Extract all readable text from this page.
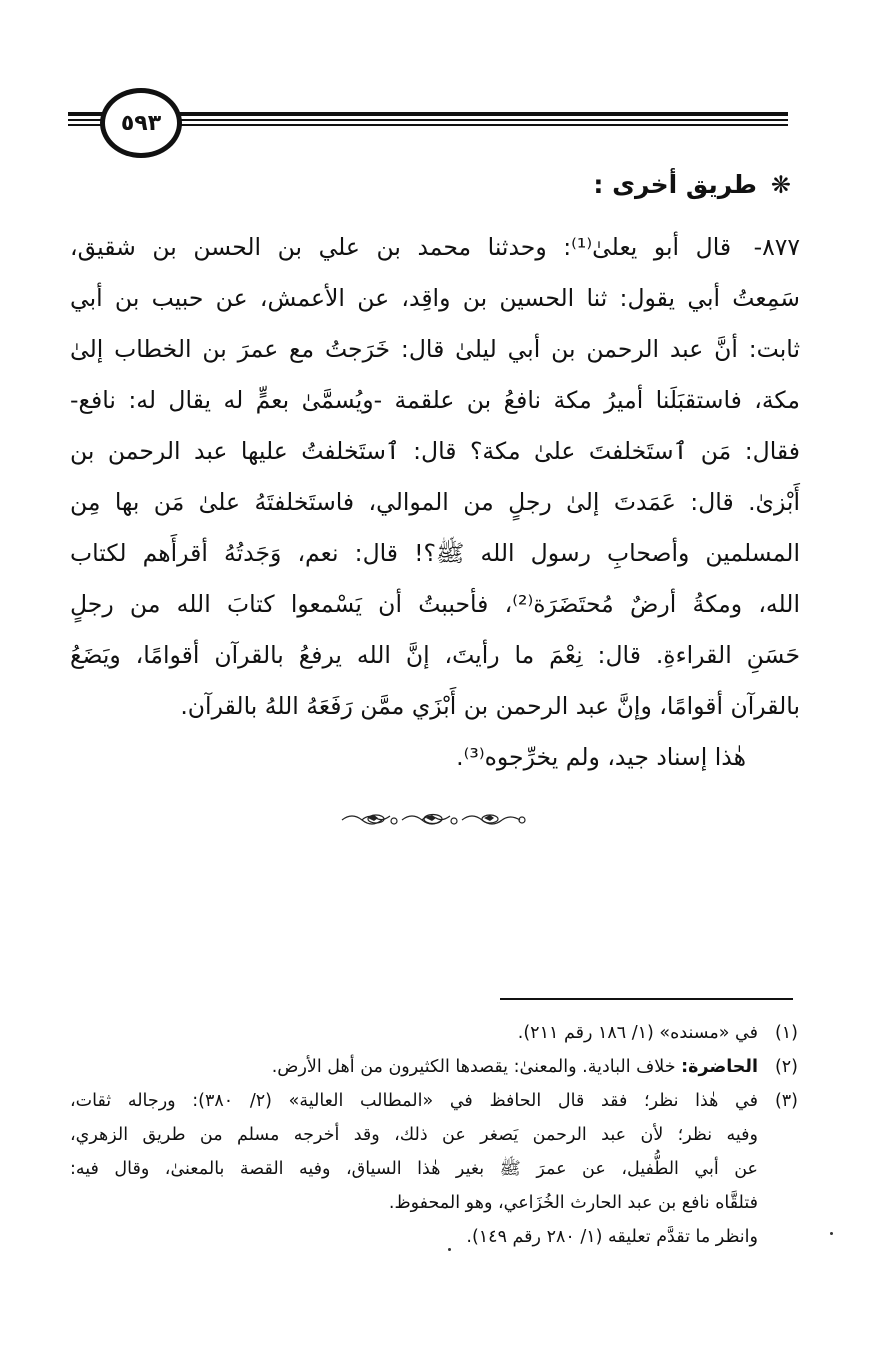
٥٩٣
❋طريق أخرى :
٨٧٧- قال أبو يعلىٰ⁽¹⁾: وحدثنا محمد بن علي بن الحسن بن شقيق،
سَمِعتُ أبي يقول: ثنا الحسين بن واقِد، عن الأعمش، عن حبيب بن أبي
ثابت: أنَّ عبد الرحمن بن أبي ليلىٰ قال: خَرَجتُ مع عمرَ بن الخطاب إلىٰ
مكة، فاستقبَلَنا أميرُ مكة نافعُ بن علقمة -ويُسمَّىٰ بعمٍّ له يقال له: نافع-
فقال: مَن ٱستَخلفتَ علىٰ مكة؟ قال: ٱستَخلفتُ عليها عبد الرحمن بن
أَبْزىٰ. قال: عَمَدتَ إلىٰ رجلٍ من الموالي، فاستَخلفتَهُ علىٰ مَن بها مِن
المسلمين وأصحابِ رسول الله ﷺ؟! قال: نعم، وَجَدتُهُ أقرأَهم لكتاب
الله، ومكةُ أرضٌ مُحتَضَرَة⁽²⁾، فأحببتُ أن يَسْمعوا كتابَ الله من رجلٍ
حَسَنِ القراءةِ. قال: نِعْمَ ما رأيتَ، إنَّ الله يرفعُ بالقرآن أقوامًا، ويَضَعُ
بالقرآن أقوامًا، وإنَّ عبد الرحمن بن أَبْزَي ممَّن رَفَعَهُ اللهُ بالقرآن.
هٰذا إسناد جيد، ولم يخرِّجوه⁽³⁾.
(١)
في «مسنده» (١/ ١٨٦ رقم ٢١١).
(٢)
الحاضرة: خلاف البادية. والمعنىٰ: يقصدها الكثيرون من أهل الأرض.
(٣)
في هٰذا نظر؛ فقد قال الحافظ في «المطالب العالية» (٢/ ٣٨٠): ورجاله ثقات،
وفيه نظر؛ لأن عبد الرحمن يَصغر عن ذلك، وقد أخرجه مسلم من طريق الزهري،
عن أبي الطُّفيل، عن عمرَ ﷺ بغير هٰذا السياق، وفيه القصة بالمعنىٰ، وقال فيه:
فتلقَّاه نافع بن عبد الحارث الخُزَاعي، وهو المحفوظ.
وانظر ما تقدَّم تعليقه (١/ ٢٨٠ رقم ١٤٩).
